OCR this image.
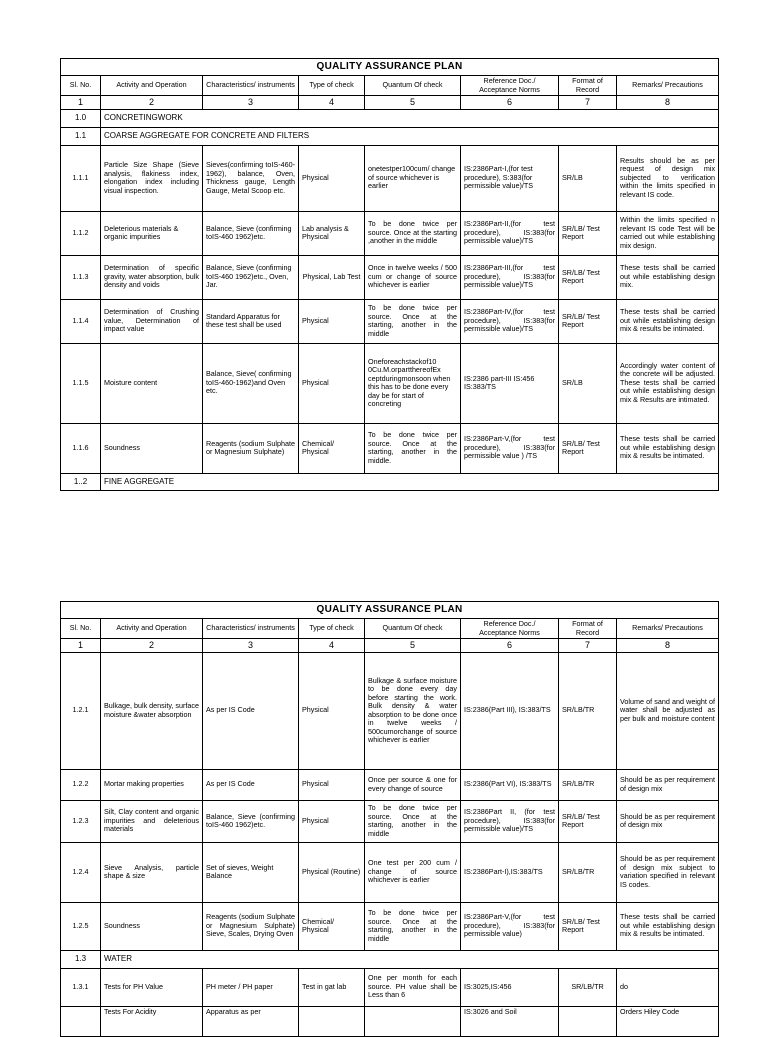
QUALITY ASSURANCE PLAN							
Sl. No.	Activity and Operation	Characteristics/ instruments	Type of check	Quantum Of check	Reference Doc./ Acceptance Norms	Format of Record	Remarks/ Precautions
1	2	3	4	5	6	7	8
1.0	CONCRETINGWORK						
1.1	COARSE AGGREGATE FOR CONCRETE AND FILTERS						
1.1.1	Particle Size Shape (Sieve analysis, flakiness index, elongation index including visual inspection.	Sieves(confirming toIS-460-1962), balance, Oven, Thickness gauge, Length Gauge, Metal Scoop etc.	Physical	onetestper100cum/ change of source whichever is earlier	IS:2386Part-I,(for test procedure), S:383(for permissible value)/TS	SR/LB	Results should be as per request of design mix subjected to verification within the limits specified in relevant IS code.
1.1.2	Deleterious materials & organic impurities	Balance, Sieve (confirming toIS-460 1962)etc.	Lab analysis & Physical	To be done twice per source. Once at the starting ,another in the middle	IS:2386Part-II,(for test procedure), IS:383(for permissible value)/TS	SR/LB/ Test Report	Within the limits specified n relevant IS code Test will be carried out while establishing mix design.
1.1.3	Determination of specific gravity, water absorption, bulk density and voids	Balance, Sieve (confirming toIS-460 1962)etc., Oven, Jar.	Physical, Lab Test	Once in twelve weeks / 500 cum or change of source whichever is earlier	IS:2386Part-III,(for test procedure), IS:383(for permissible value)/TS	SR/LB/ Test Report	These tests shall be carried out while establishing design mix.
1.1.4	Determination of Crushing value, Determination of impact value	Standard Apparatus for these test shall be used	Physical	To be done twice per source. Once at the starting, another in the middle	IS:2386Part-IV,(for test procedure), IS:383(for permissible value)/TS	SR/LB/ Test Report	These tests shall be carried out while establishing design mix & results be intimated.
1.1.5	Moisture content	Balance, Sieve( confirming toIS-460-1962)and Oven etc.	Physical	Oneforeachstackof10 0Cu.M.orpartthereofEx ceptduringmonsoon when this has to be done every day be for start of concreting	IS:2386 part-III IS:456 IS:383/TS	SR/LB	Accordingly water content of the concrete will be adjusted. These tests shall be carried out while establishing design mix & Results are intimated.
1.1.6	Soundness	Reagents (sodium Sulphate or Magnesium Sulphate)	Chemical/ Physical	To be done twice per source. Once at the starting, another in the middle.	IS:2386Part-V,(for test procedure), IS:383(for permissible value ) /TS	SR/LB/ Test Report	These tests shall be carried out while establishing design mix & results be intimated.
1..2	FINE AGGREGATE						
QUALITY ASSURANCE PLAN							
Sl. No.	Activity and Operation	Characteristics/ instruments	Type of check	Quantum Of check	Reference Doc./ Acceptance Norms	Format of Record	Remarks/ Precautions
1	2	3	4	5	6	7	8
1.2.1	Bulkage, bulk density, surface moisture &water absorption	As per IS Code	Physical	Bulkage & surface moisture to be done every day before starting the work. Bulk density & water absorption to be done once in twelve weeks / 500cumorchange of source whichever is earlier	IS:2386(Part III), IS:383/TS	SR/LB/TR	Volume of sand and weight of water shall be adjusted as per bulk and moisture content
1.2.2	Mortar making properties	As per IS Code	Physical	Once per source & one for every change of source	IS:2386(Part VI), IS:383/TS	SR/LB/TR	Should be as per requirement of design mix
1.2.3	Silt, Clay content and organic impurities and deleterious materials	Balance, Sieve (confirming toIS-460 1962)etc.	Physical	To be done twice per source. Once at the starting, another in the middle	IS:2386Part II, (for test procedure), IS:383(for permissible value)/TS	SR/LB/ Test Report	Should be as per requirement of design mix
1.2.4	Sieve Analysis, particle shape & size	Set of sieves, Weight Balance	Physical (Routine)	One test per 200 cum / change of source whichever is earlier	IS:2386Part-I),IS:383/TS	SR/LB/TR	Should be as per requirement of design mix subject to variation specified in relevant IS codes.
1.2.5	Soundness	Reagents (sodium Sulphate or Magnesium Sulphate) Sieve, Scales, Drying Oven	Chemical/ Physical	To be done twice per source. Once at the starting, another in the middle	IS:2386Part-V,(for test procedure), IS:383(for permissible value)	SR/LB/ Test Report	These tests shall be carried out while establishing design mix & results be intimated.
1.3	WATER						
1.3.1	Tests for PH Value	PH meter / PH paper	Test in gat lab	One per month for each source. PH value shall be Less than 6	IS:3025,IS:456	SR/LB/TR	do
	Tests For Acidity	Apparatus as per			IS:3026 and Soil		Orders Hiley Code
